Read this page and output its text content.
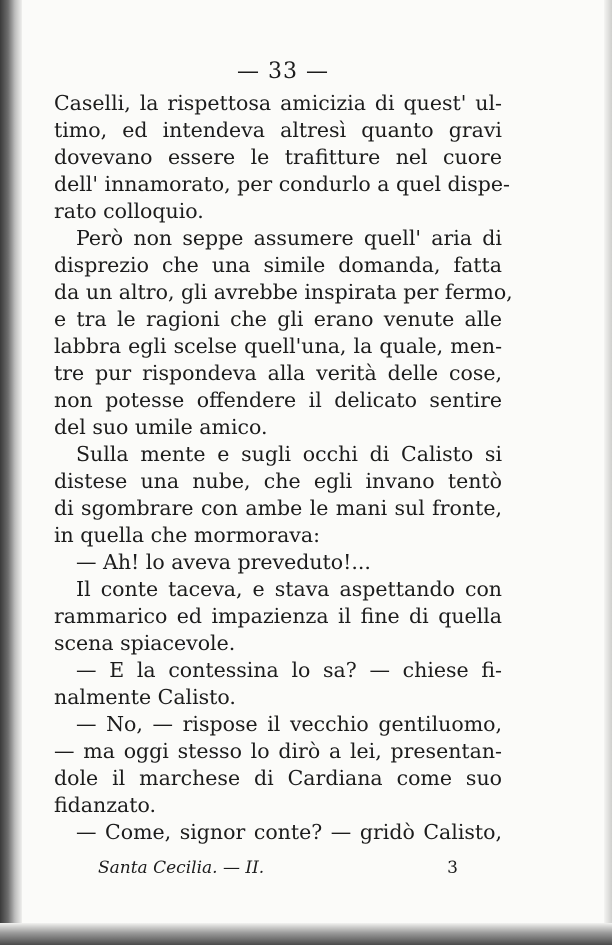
— 33 —
Caselli, la rispettosa amicizia di quest' ul-
timo, ed intendeva altresì quanto gravi
dovevano essere le trafitture nel cuore
dell' innamorato, per condurlo a quel dispe-
rato colloquio.
Però non seppe assumere quell' aria di
disprezio che una simile domanda, fatta
da un altro, gli avrebbe inspirata per fermo,
e tra le ragioni che gli erano venute alle
labbra egli scelse quell'una, la quale, men-
tre pur rispondeva alla verità delle cose,
non potesse offendere il delicato sentire
del suo umile amico.
Sulla mente e sugli occhi di Calisto si
distese una nube, che egli invano tentò
di sgombrare con ambe le mani sul fronte,
in quella che mormorava:
— Ah! lo aveva preveduto!...
Il conte taceva, e stava aspettando con
rammarico ed impazienza il fine di quella
scena spiacevole.
— E la contessina lo sa? — chiese fi-
nalmente Calisto.
— No, — rispose il vecchio gentiluomo,
— ma oggi stesso lo dirò a lei, presentan-
dole il marchese di Cardiana come suo
fidanzato.
— Come, signor conte? — gridò Calisto,
Santa Cecilia. — II.	3
